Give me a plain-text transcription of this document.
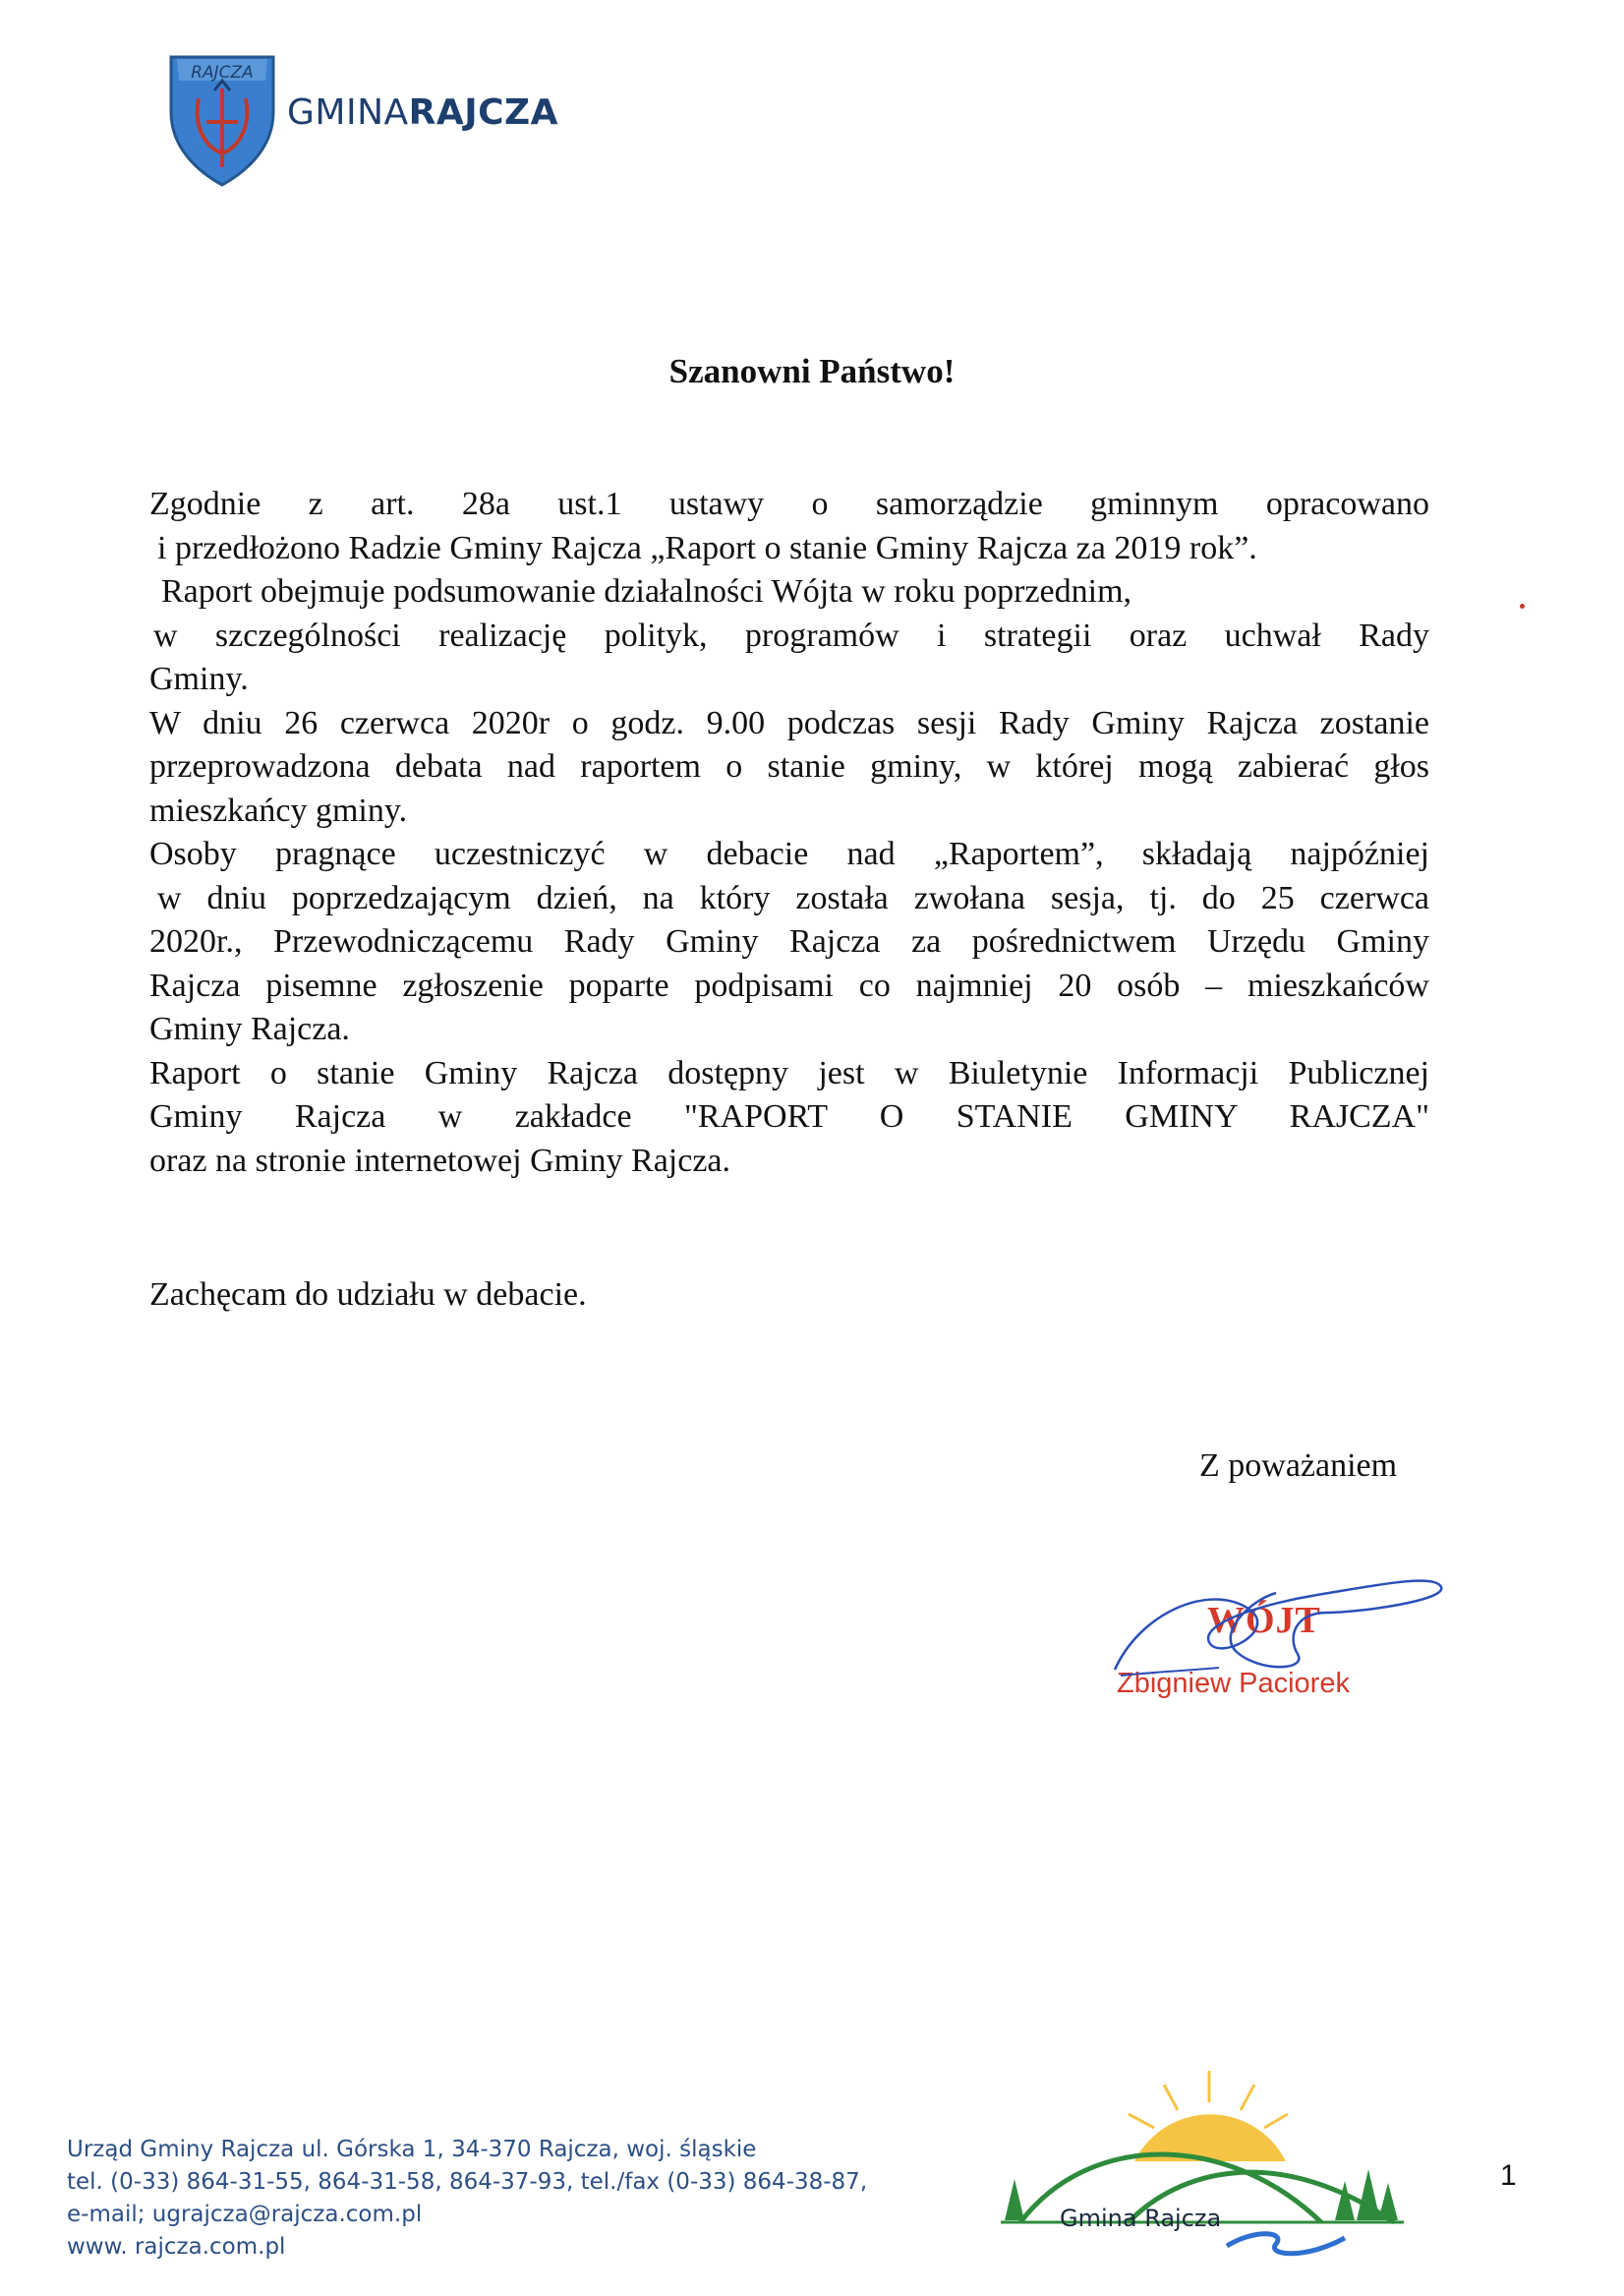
RAJCZA
GMINARAJCZA
Szanowni Państwo!

Zgodnie z art. 28a ust.1 ustawy o samorządzie gminnym opracowano
i przedłożono Radzie Gminy Rajcza „Raport o stanie Gminy Rajcza za 2019 rok”.
Raport obejmuje podsumowanie działalności Wójta w roku poprzednim,
w szczególności realizację polityk, programów i strategii oraz uchwał Rady
Gminy.

W dniu 26 czerwca 2020r o godz. 9.00 podczas sesji Rady Gminy Rajcza zostanie
przeprowadzona debata nad raportem o stanie gminy, w której mogą zabierać głos
mieszkańcy gminy.

Osoby pragnące uczestniczyć w debacie nad „Raportem”, składają najpóźniej
w dniu poprzedzającym dzień, na który została zwołana sesja, tj. do 25 czerwca
2020r., Przewodniczącemu Rady Gminy Rajcza za pośrednictwem Urzędu Gminy
Rajcza pisemne zgłoszenie poparte podpisami co najmniej 20 osób – mieszkańców
Gminy Rajcza.

Raport o stanie Gminy Rajcza dostępny jest w Biuletynie Informacji Publicznej
Gminy Rajcza w zakładce "RAPORT O STANIE GMINY RAJCZA"
oraz na stronie internetowej Gminy Rajcza.

Zachęcam do udziału w debacie.
Z poważaniem
WÓJT
Zbigniew Paciorek
Urząd Gminy Rajcza ul. Górska 1, 34-370 Rajcza, woj. śląskie
tel. (0-33) 864-31-55, 864-31-58, 864-37-93, tel./fax (0-33) 864-38-87,
e-mail; ugrajcza@rajcza.com.pl
www. rajcza.com.pl
Gmina Rajcza
1
